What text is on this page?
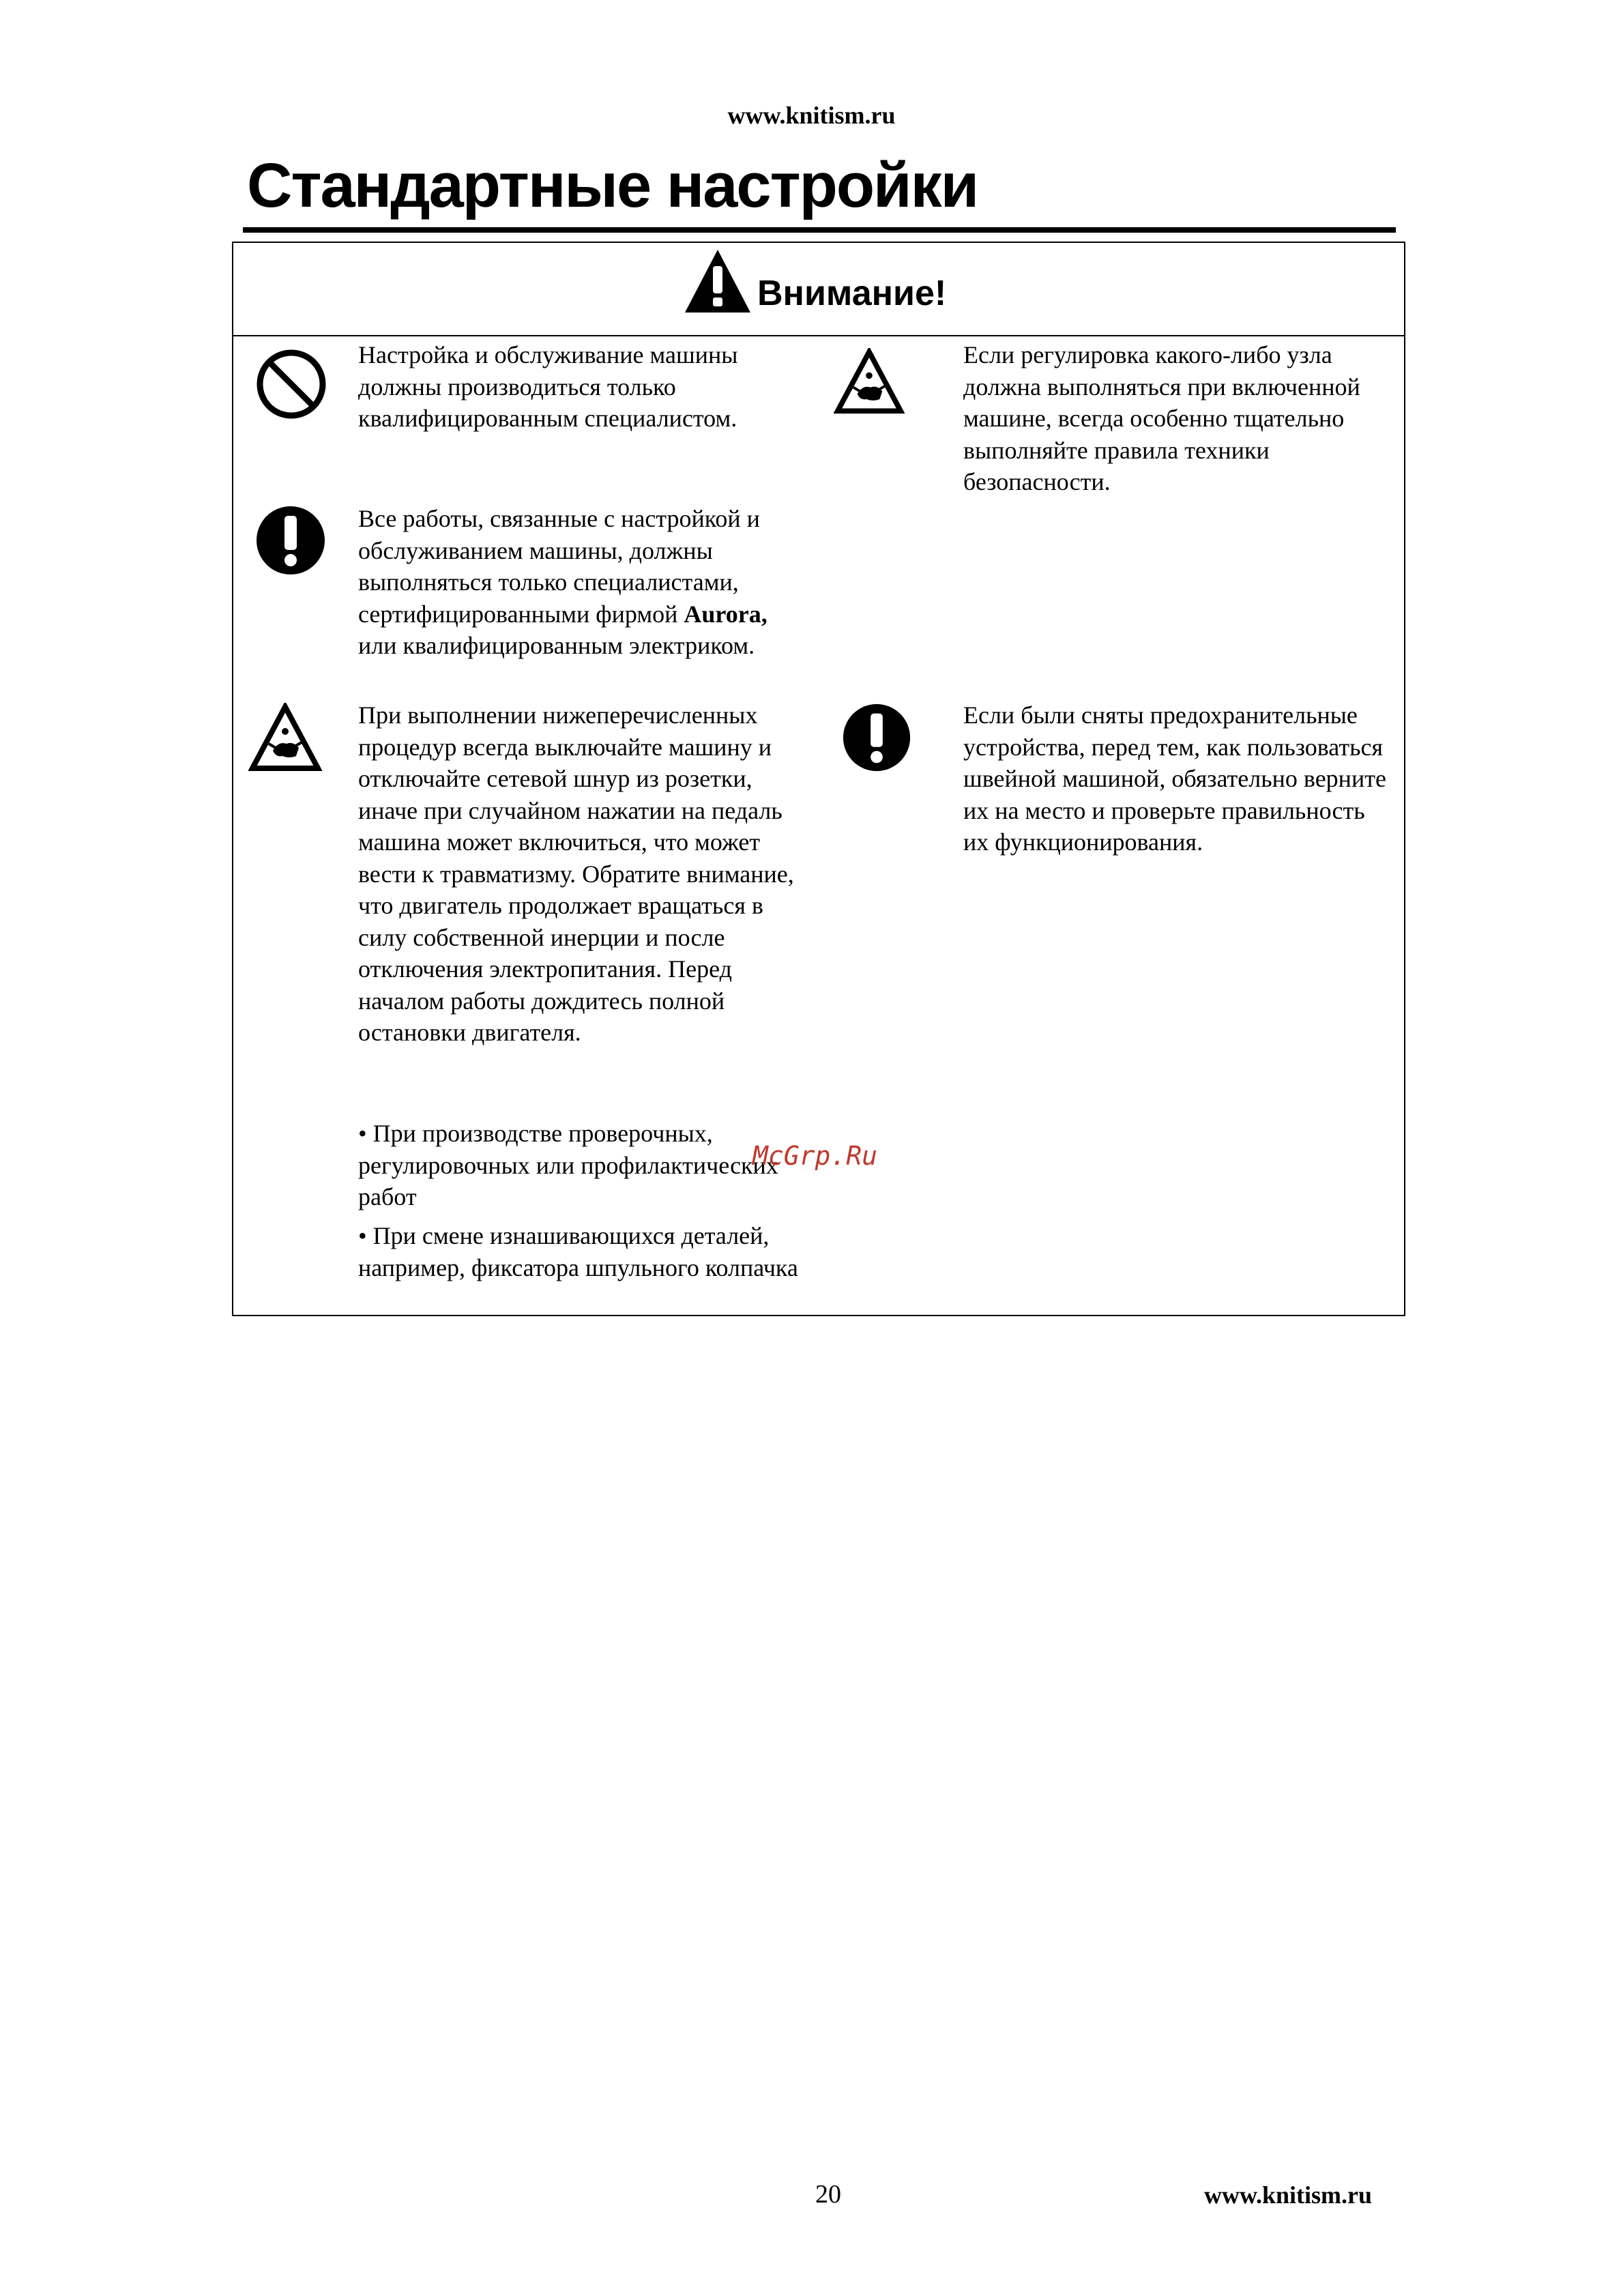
www.knitism.ru
Стандартные настройки
Внимание!
Настройка и обслуживание машины должны производиться только квалифицированным специалистом.
Все работы, связанные с настройкой и обслуживанием машины, должны выполняться только специалистами, сертифицированными фирмой Aurora, или квалифицированным электриком.
При выполнении нижеперечисленных процедур всегда выключайте машину и отключайте сетевой шнур из розетки, иначе при случайном нажатии на педаль машина может включиться, что может вести к травматизму. Обратите внимание, что двигатель продолжает вращаться в силу собственной инерции и после отключения электропитания. Перед началом работы дождитесь полной остановки двигателя.
• При производстве проверочных, регулировочных или профилактических работ
• При смене изнашивающихся деталей, например, фиксатора шпульного колпачка
Если регулировка какого-либо узла должна выполняться при включенной машине, всегда особенно тщательно выполняйте правила техники безопасности.
Если были сняты предохранительные устройства, перед тем, как пользоваться швейной машиной, обязательно верните их на место и проверьте правильность их функционирования.
McGrp.Ru
20	www.knitism.ru
